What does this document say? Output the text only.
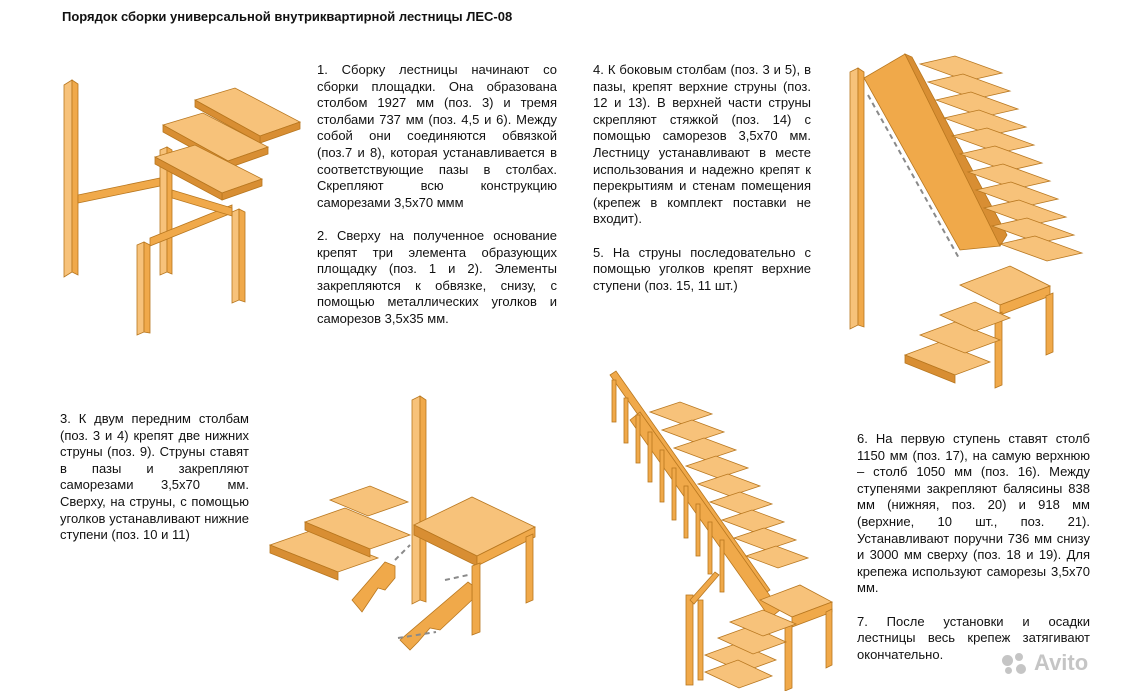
Порядок сборки универсальной внутриквартирной лестницы ЛЕС-08

1. Сборку лестницы начинают со сборки площадки. Она образована столбом 1927 мм (поз. 3) и тремя столбами 737 мм (поз. 4,5 и 6). Между собой они соединяются обвязкой (поз.7 и 8), которая устанавливается в соответствующие пазы в столбах. Скрепляют всю конструкцию саморезами 3,5х70 ммм

2. Сверху на полученное основание крепят три элемента образующих площадку (поз. 1 и 2). Элементы закрепляются к обвязке, снизу, с помощью металлических уголков и саморезов 3,5х35 мм.

4. К боковым столбам (поз. 3 и 5), в пазы, крепят верхние струны (поз. 12 и 13). В верхней части струны скрепляют стяжкой (поз. 14) с помощью саморезов 3,5х70 мм. Лестницу устанавливают в месте использования и надежно крепят к перекрытиям и стенам помещения (крепеж в комплект поставки не входит).

5. На струны последовательно с помощью уголков крепят верхние ступени (поз. 15, 11 шт.)

3. К двум передним столбам (поз. 3 и 4) крепят две нижних струны (поз. 9). Струны ставят в пазы и закрепляют саморезами 3,5х70 мм. Сверху, на струны, с помощью уголков устанавливают нижние ступени (поз. 10 и 11)

6. На первую ступень ставят столб 1150 мм (поз. 17), на самую верхнюю – столб 1050 мм (поз. 16). Между ступенями закрепляют балясины 838 мм (нижняя, поз. 20) и 918 мм (верхние, 10 шт., поз. 21). Устанавливают поручни 736 мм снизу и 3000 мм сверху (поз. 18 и 19). Для крепежа используют саморезы 3,5х70 мм.

7. После установки и осадки лестницы весь крепеж затягивают окончательно.	Avito
